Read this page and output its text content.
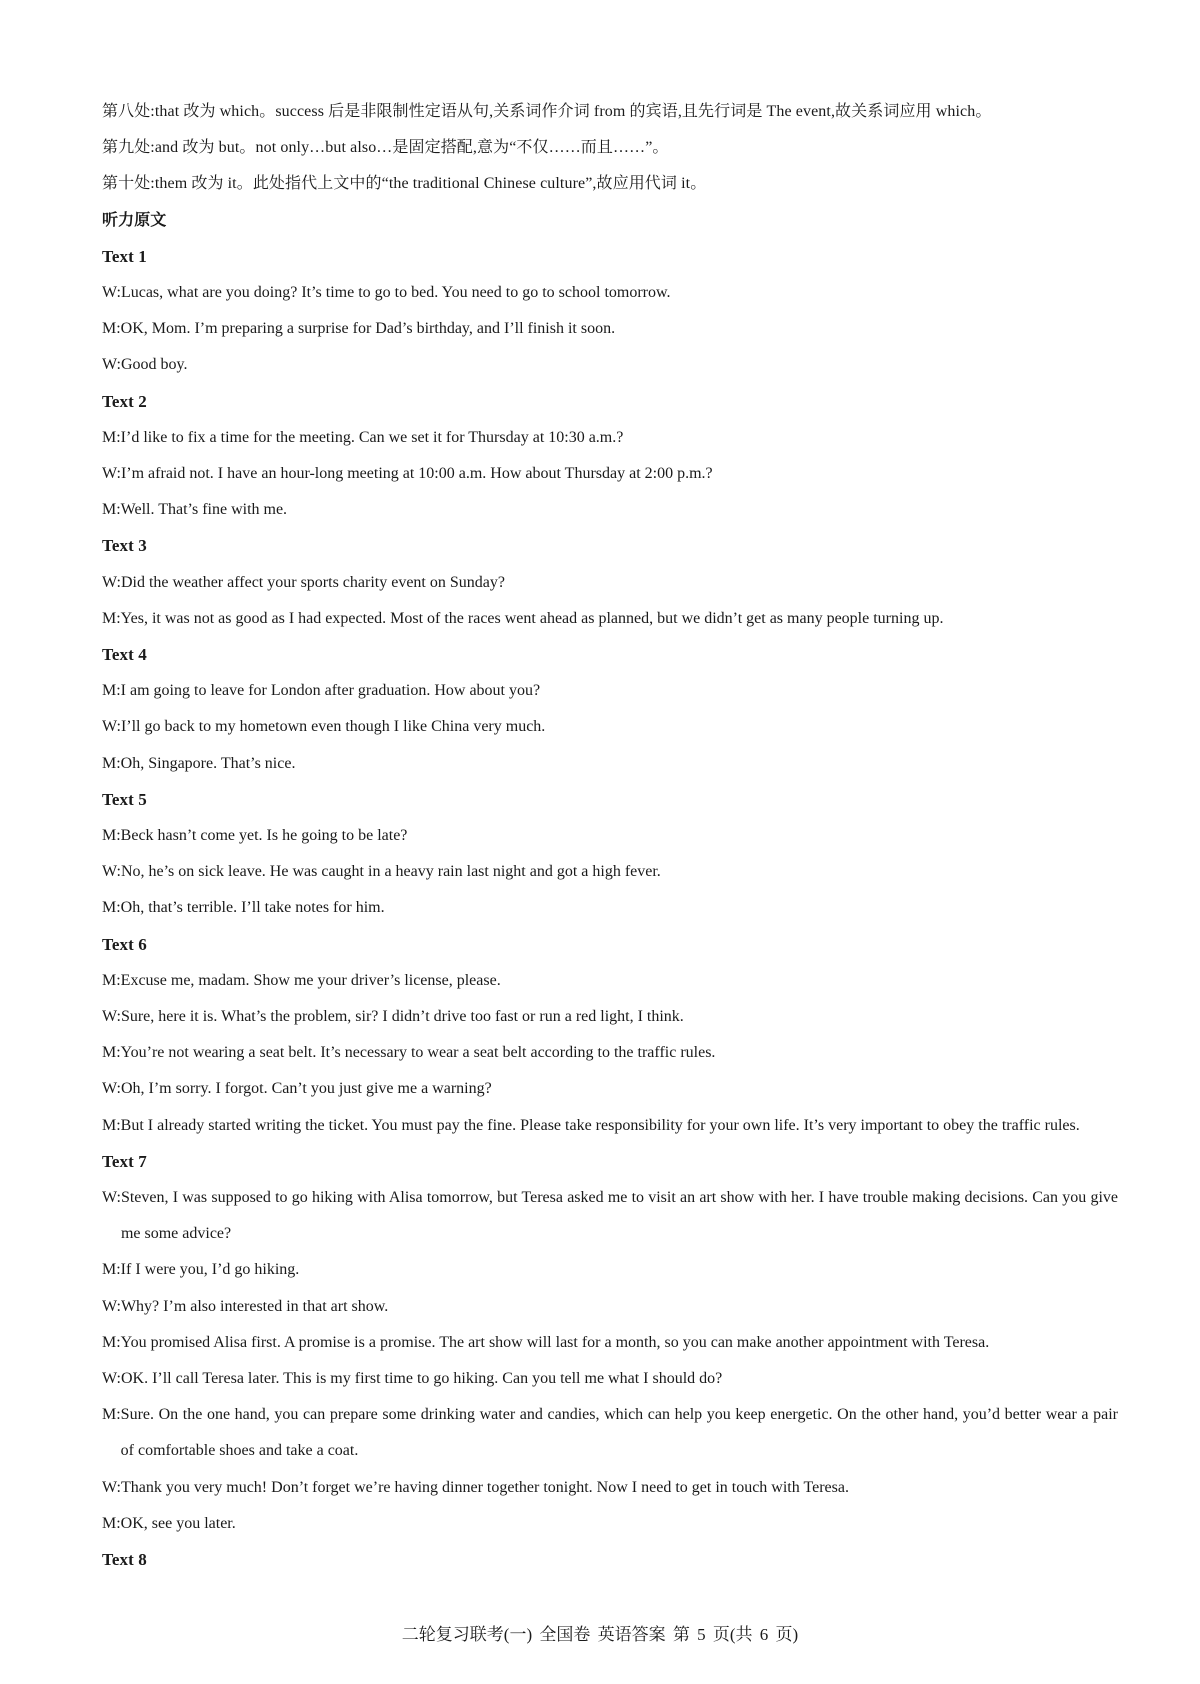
第八处:that 改为 which。success 后是非限制性定语从句,关系词作介词 from 的宾语,且先行词是 The event,故关系词应用 which。
第九处:and 改为 but。not only…but also…是固定搭配,意为“不仅……而且……”。
第十处:them 改为 it。此处指代上文中的“the traditional Chinese culture”,故应用代词 it。
听力原文
Text 1
W: Lucas, what are you doing? It’s time to go to bed. You need to go to school tomorrow.
M: OK, Mom. I’m preparing a surprise for Dad’s birthday, and I’ll finish it soon.
W: Good boy.
Text 2
M: I’d like to fix a time for the meeting. Can we set it for Thursday at 10:30 a.m.?
W: I’m afraid not. I have an hour-long meeting at 10:00 a.m. How about Thursday at 2:00 p.m.?
M: Well. That’s fine with me.
Text 3
W: Did the weather affect your sports charity event on Sunday?
M: Yes, it was not as good as I had expected. Most of the races went ahead as planned, but we didn’t get as many people turning up.
Text 4
M: I am going to leave for London after graduation. How about you?
W: I’ll go back to my hometown even though I like China very much.
M: Oh, Singapore. That’s nice.
Text 5
M: Beck hasn’t come yet. Is he going to be late?
W: No, he’s on sick leave. He was caught in a heavy rain last night and got a high fever.
M: Oh, that’s terrible. I’ll take notes for him.
Text 6
M: Excuse me, madam. Show me your driver’s license, please.
W: Sure, here it is. What’s the problem, sir? I didn’t drive too fast or run a red light, I think.
M: You’re not wearing a seat belt. It’s necessary to wear a seat belt according to the traffic rules.
W: Oh, I’m sorry. I forgot. Can’t you just give me a warning?
M: But I already started writing the ticket. You must pay the fine. Please take responsibility for your own life. It’s very important to obey the traffic rules.
Text 7
W: Steven, I was supposed to go hiking with Alisa tomorrow, but Teresa asked me to visit an art show with her. I have trouble making decisions. Can you give me some advice?
M: If I were you, I’d go hiking.
W: Why? I’m also interested in that art show.
M: You promised Alisa first. A promise is a promise. The art show will last for a month, so you can make another appointment with Teresa.
W: OK. I’ll call Teresa later. This is my first time to go hiking. Can you tell me what I should do?
M: Sure. On the one hand, you can prepare some drinking water and candies, which can help you keep energetic. On the other hand, you’d better wear a pair of comfortable shoes and take a coat.
W: Thank you very much! Don’t forget we’re having dinner together tonight. Now I need to get in touch with Teresa.
M: OK, see you later.
Text 8
二轮复习联考(一) 全国卷 英语答案 第 5 页(共 6 页)
